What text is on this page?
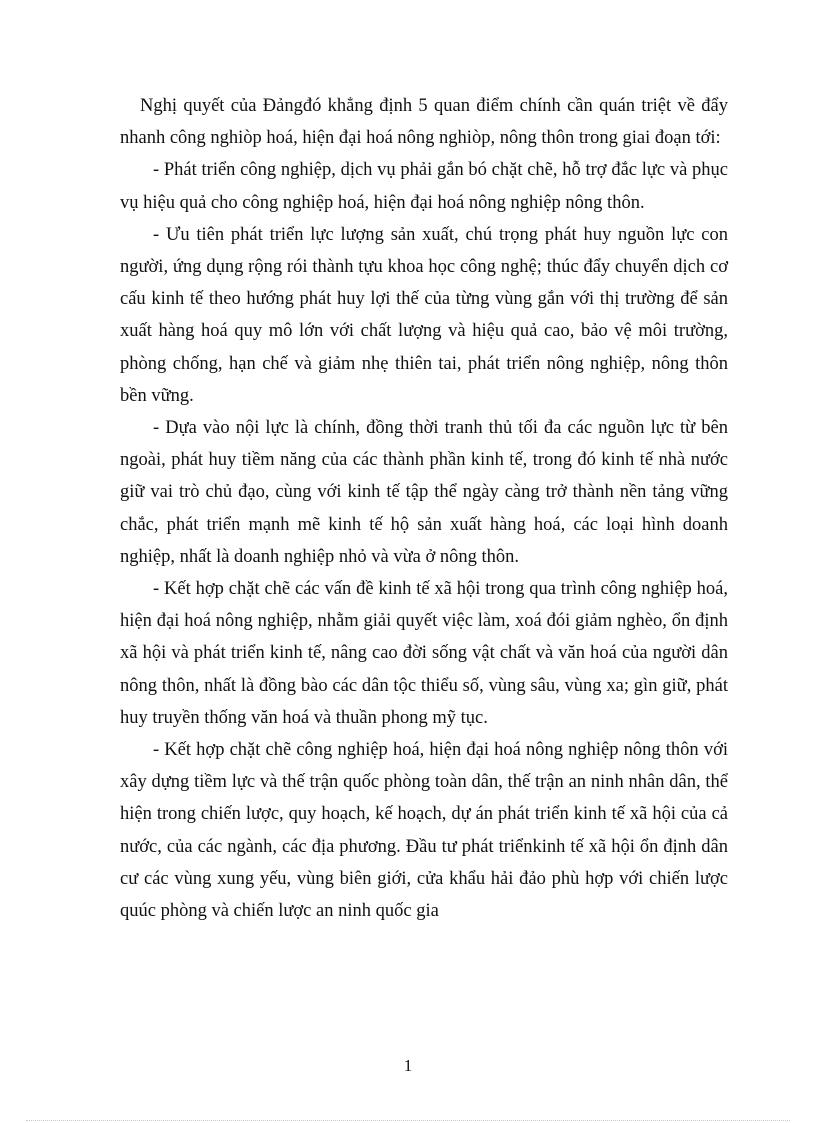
Nghị quyết của Đảngđó khẳng định 5 quan điểm chính cần quán triệt về đẩy nhanh công nghiòp hoá, hiện đại hoá nông nghiòp, nông thôn trong giai đoạn tới:

- Phát triển công nghiệp, dịch vụ phải gắn bó chặt chẽ, hỗ trợ đắc lực và phục vụ hiệu quả cho công nghiệp hoá, hiện đại hoá nông nghiệp nông thôn.

- Ưu tiên phát triển lực lượng sản xuất, chú trọng phát huy nguồn lực con người, ứng dụng rộng rói thành tựu khoa học công nghệ; thúc đẩy chuyển dịch cơ cấu kinh tế theo hướng phát huy lợi thế của từng vùng gắn với thị trường để sản xuất hàng hoá quy mô lớn với chất lượng và hiệu quả cao, bảo vệ môi trường, phòng chống, hạn chế và giảm nhẹ thiên tai, phát triển nông nghiệp, nông thôn bền vững.

- Dựa vào nội lực là chính, đồng thời tranh thủ tối đa các nguồn lực từ bên ngoài, phát huy tiềm năng của các thành phần kinh tế, trong đó kinh tế nhà nước giữ vai trò chủ đạo, cùng với kinh tế tập thể ngày càng trở thành nền tảng vững chắc, phát triển mạnh mẽ kinh tế hộ sản xuất hàng hoá, các loại hình doanh nghiệp, nhất là doanh nghiệp nhỏ và vừa ở nông thôn.

- Kết hợp chặt chẽ các vấn đề kinh tế xã hội trong qua trình công nghiệp hoá, hiện đại hoá nông nghiệp, nhằm giải quyết việc làm, xoá đói giảm nghèo, ổn định xã hội và phát triển kinh tế, nâng cao đời sống vật chất và văn hoá của người dân nông thôn, nhất là đồng bào các dân tộc thiểu số, vùng sâu, vùng xa; gìn giữ, phát huy truyền thống văn hoá và thuần phong mỹ tục.

- Kết hợp chặt chẽ công nghiệp hoá, hiện đại hoá nông nghiệp nông thôn với xây dựng tiềm lực và thế trận quốc phòng toàn dân, thế trận an ninh nhân dân, thể hiện trong chiến lược, quy hoạch, kế hoạch, dự án phát triển kinh tế xã hội của cả nước, của các ngành, các địa phương. Đầu tư phát triểnkinh tế xã hội ổn định dân cư các vùng xung yếu, vùng biên giới, cửa khẩu hải đảo phù hợp với chiến lược quúc phòng và chiến lược an ninh quốc gia

1
